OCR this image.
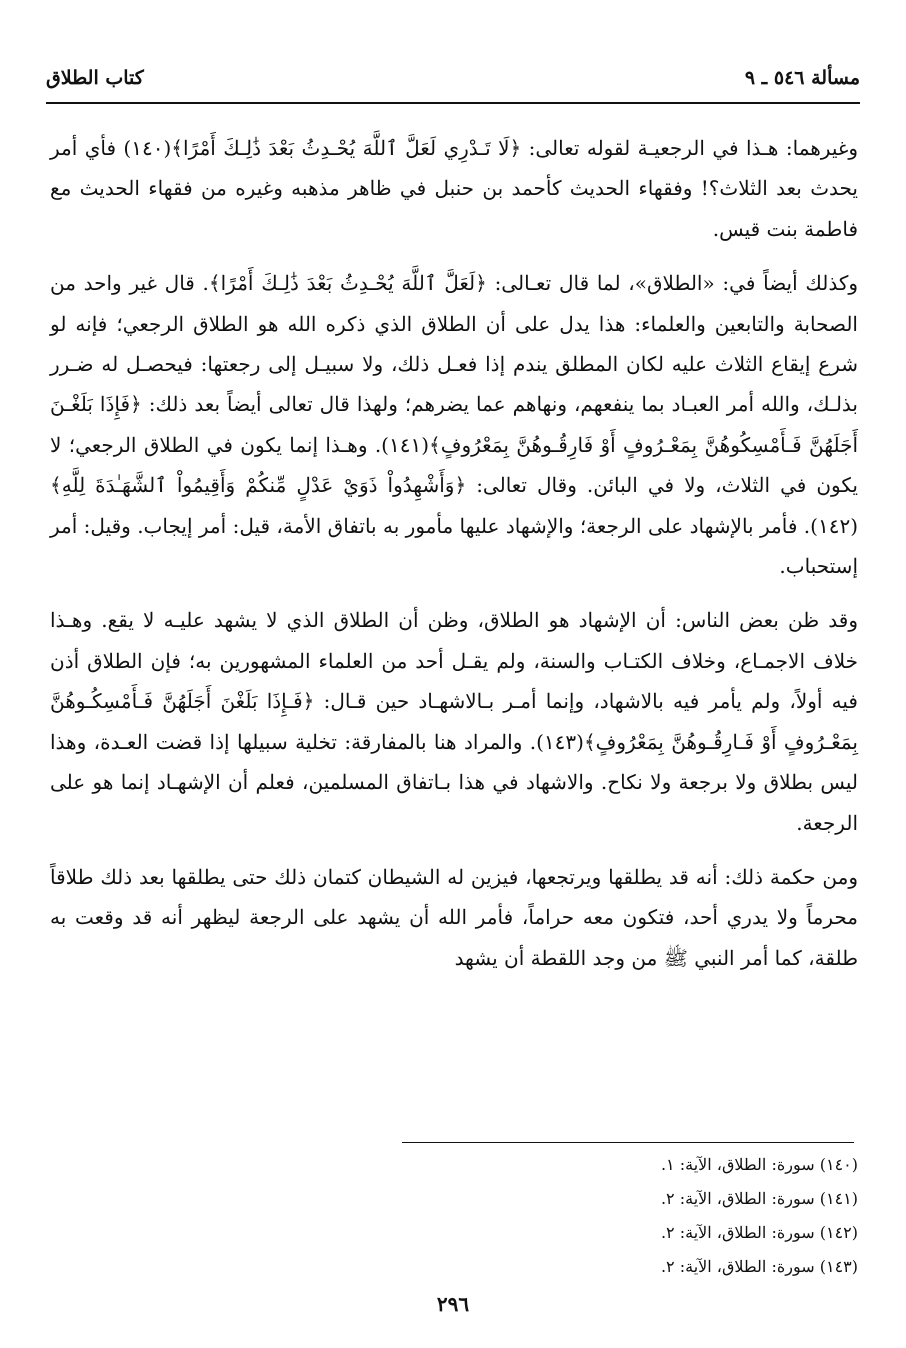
مسألة ٥٤٦ ـ ٩
كتاب الطلاق

وغيرهما: هـذا في الرجعيـة لقوله تعالى: ﴿لَا تَـدْرِي لَعَلَّ ٱللَّهَ يُحْـدِثُ بَعْدَ ذَٰلِـكَ أَمْرًا﴾(١٤٠) فأي أمر يحدث بعد الثلاث؟! وفقهاء الحديث كأحمد بن حنبل في ظاهر مذهبه وغيره من فقهاء الحديث مع فاطمة بنت قيس.

وكذلك أيضاً في: «الطلاق»، لما قال تعـالى: ﴿لَعَلَّ ٱللَّهَ يُحْـدِثُ بَعْدَ ذَٰلِـكَ أَمْرًا﴾. قال غير واحد من الصحابة والتابعين والعلماء: هذا يدل على أن الطلاق الذي ذكره الله هو الطلاق الرجعي؛ فإنه لو شرع إيقاع الثلاث عليه لكان المطلق يندم إذا فعـل ذلك، ولا سبيـل إلى رجعتها: فيحصـل له ضـرر بذلـك، والله أمر العبـاد بما ينفعهم، ونهاهم عما يضرهم؛ ولهذا قال تعالى أيضاً بعد ذلك: ﴿فَإِذَا بَلَغْـنَ أَجَلَهُنَّ فَـأَمْسِكُوهُنَّ بِمَعْـرُوفٍ أَوْ فَارِقُـوهُنَّ بِمَعْرُوفٍ﴾(١٤١). وهـذا إنما يكون في الطلاق الرجعي؛ لا يكون في الثلاث، ولا في البائن. وقال تعالى: ﴿وَأَشْهِدُواْ ذَوَيْ عَدْلٍ مِّنكُمْ وَأَقِيمُواْ ٱلشَّهَـٰدَةَ لِلَّهِ﴾(١٤٢). فأمر بالإشهاد على الرجعة؛ والإشهاد عليها مأمور به باتفاق الأمة، قيل: أمر إيجاب. وقيل: أمر إستحباب.

وقد ظن بعض الناس: أن الإشهاد هو الطلاق، وظن أن الطلاق الذي لا يشهد عليـه لا يقع. وهـذا خلاف الاجمـاع، وخلاف الكتـاب والسنة، ولم يقـل أحد من العلماء المشهورين به؛ فإن الطلاق أذن فيه أولاً، ولم يأمر فيه بالاشهاد، وإنما أمـر بـالاشهـاد حين قـال: ﴿فَـإِذَا بَلَغْنَ أَجَلَهُنَّ فَـأَمْسِكُـوهُنَّ بِمَعْـرُوفٍ أَوْ فَـارِقُـوهُنَّ بِمَعْرُوفٍ﴾(١٤٣). والمراد هنا بالمفارقة: تخلية سبيلها إذا قضت العـدة، وهذا ليس بطلاق ولا برجعة ولا نكاح. والاشهاد في هذا بـاتفاق المسلمين، فعلم أن الإشهـاد إنما هو على الرجعة.

ومن حكمة ذلك: أنه قد يطلقها ويرتجعها، فيزين له الشيطان كتمان ذلك حتى يطلقها بعد ذلك طلاقاً محرماً ولا يدري أحد، فتكون معه حراماً، فأمر الله أن يشهد على الرجعة ليظهر أنه قد وقعت به طلقة، كما أمر النبي ﷺ من وجد اللقطة أن يشهد

(١٤٠) سورة: الطلاق، الآية: ١.

(١٤١) سورة: الطلاق، الآية: ٢.

(١٤٢) سورة: الطلاق، الآية: ٢.

(١٤٣) سورة: الطلاق، الآية: ٢.

٢٩٦
